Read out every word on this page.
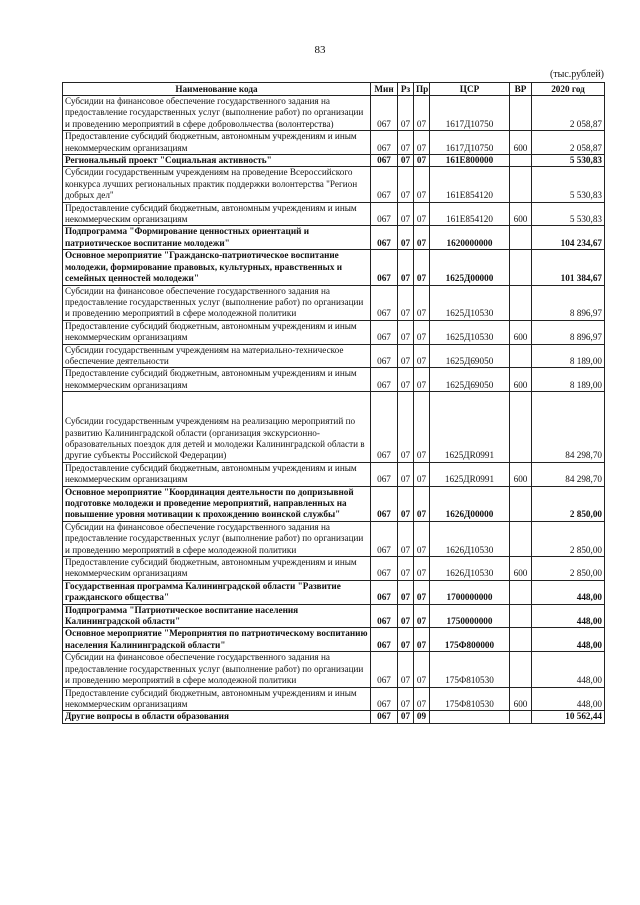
83
(тыс.рублей)
Наименование кода	Мин	Рз	Пр	ЦСР	ВР	2020 год
Субсидии на финансовое обеспечение государственного задания на предоставление государственных услуг (выполнение работ) по организации и проведению мероприятий в сфере добровольчества (волонтерства)	067	07	07	1617Д10750		2 058,87
Предоставление субсидий бюджетным, автономным учреждениям и иным некоммерческим организациям	067	07	07	1617Д10750	600	2 058,87
Региональный проект "Социальная активность"	067	07	07	161Е800000		5 530,83
Субсидии государственным учреждениям на проведение Всероссийского конкурса лучших региональных практик поддержки волонтерства "Регион добрых дел"	067	07	07	161Е854120		5 530,83
Предоставление субсидий бюджетным, автономным учреждениям и иным некоммерческим организациям	067	07	07	161Е854120	600	5 530,83
Подпрограмма "Формирование ценностных ориентаций и патриотическое воспитание молодежи"	067	07	07	1620000000		104 234,67
Основное мероприятие "Гражданско-патриотическое воспитание молодежи, формирование правовых, культурных, нравственных и семейных ценностей молодежи"	067	07	07	1625Д00000		101 384,67
Субсидии на финансовое обеспечение государственного задания на предоставление государственных услуг (выполнение работ) по организации и проведению мероприятий в сфере молодежной политики	067	07	07	1625Д10530		8 896,97
Предоставление субсидий бюджетным, автономным учреждениям и иным некоммерческим организациям	067	07	07	1625Д10530	600	8 896,97
Субсидии государственным учреждениям на материально-техническое обеспечение деятельности	067	07	07	1625Д69050		8 189,00
Предоставление субсидий бюджетным, автономным учреждениям и иным некоммерческим организациям	067	07	07	1625Д69050	600	8 189,00
Субсидии государственным учреждениям на реализацию мероприятий по развитию Калининградской области (организация экскурсионно-образовательных поездок для детей и молодежи Калининградской области в другие субъекты Российской Федерации)	067	07	07	1625ДR0991		84 298,70
Предоставление субсидий бюджетным, автономным учреждениям и иным некоммерческим организациям	067	07	07	1625ДR0991	600	84 298,70
Основное мероприятие "Координация деятельности по допризывной подготовке молодежи и проведение мероприятий, направленных на повышение уровня мотивации к прохождению воинской службы"	067	07	07	1626Д00000		2 850,00
Субсидии на финансовое обеспечение государственного задания на предоставление государственных услуг (выполнение работ) по организации и проведению мероприятий в сфере молодежной политики	067	07	07	1626Д10530		2 850,00
Предоставление субсидий бюджетным, автономным учреждениям и иным некоммерческим организациям	067	07	07	1626Д10530	600	2 850,00
Государственная программа Калининградской области "Развитие гражданского общества"	067	07	07	1700000000		448,00
Подпрограмма "Патриотическое воспитание населения Калининградской области"	067	07	07	1750000000		448,00
Основное мероприятие "Мероприятия по патриотическому воспитанию населения Калининградской области"	067	07	07	175Ф800000		448,00
Субсидии на финансовое обеспечение государственного задания на предоставление государственных услуг (выполнение работ) по организации и проведению мероприятий в сфере молодежной политики	067	07	07	175Ф810530		448,00
Предоставление субсидий бюджетным, автономным учреждениям и иным некоммерческим организациям	067	07	07	175Ф810530	600	448,00
Другие вопросы в области образования	067	07	09			10 562,44
